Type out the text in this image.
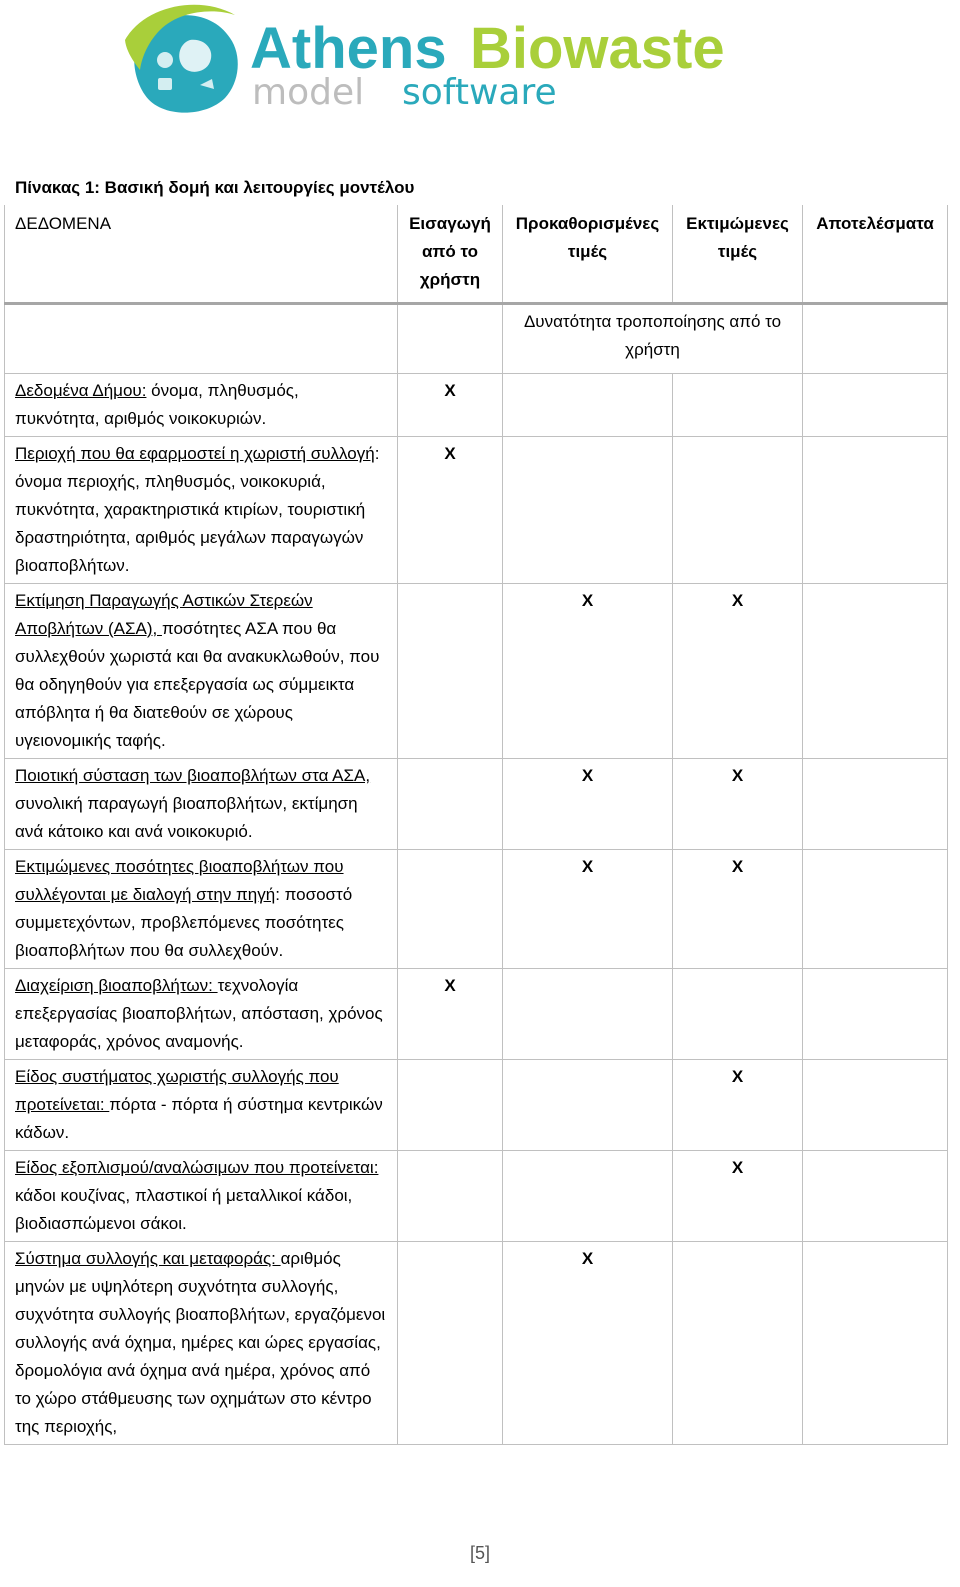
Athens Biowaste
model software
Πίνακας 1: Βασική δομή και λειτουργίες μοντέλου
ΔΕΔΟΜΕΝΑ	Εισαγωγή από το χρήστη	Προκαθορισμένες τιμές	Εκτιμώμενες τιμές	Αποτελέσματα
		Δυνατότητα τροποποίησης από το χρήστη		
Δεδομένα Δήμου: όνομα, πληθυσμός, πυκνότητα, αριθμός νοικοκυριών.	X			
Περιοχή που θα εφαρμοστεί η χωριστή συλλογή: όνομα περιοχής, πληθυσμός, νοικοκυριά, πυκνότητα, χαρακτηριστικά κτιρίων, τουριστική δραστηριότητα, αριθμός μεγάλων παραγωγών βιοαποβλήτων.	X			
Εκτίμηση Παραγωγής Αστικών Στερεών Αποβλήτων (ΑΣΑ), ποσότητες ΑΣΑ που θα συλλεχθούν χωριστά και θα ανακυκλωθούν, που θα οδηγηθούν για επεξεργασία ως σύμμεικτα απόβλητα ή θα διατεθούν σε χώρους υγειονομικής ταφής.		X	X	
Ποιοτική σύσταση των βιοαποβλήτων στα ΑΣΑ, συνολική παραγωγή βιοαποβλήτων, εκτίμηση ανά κάτοικο και ανά νοικοκυριό.		X	X	
Εκτιμώμενες ποσότητες βιοαποβλήτων που συλλέγονται με διαλογή στην πηγή: ποσοστό συμμετεχόντων, προβλεπόμενες ποσότητες βιοαποβλήτων που θα συλλεχθούν.		X	X	
Διαχείριση βιοαποβλήτων: τεχνολογία επεξεργασίας βιοαποβλήτων, απόσταση, χρόνος μεταφοράς, χρόνος αναμονής.	X			
Είδος συστήματος χωριστής συλλογής που προτείνεται: πόρτα - πόρτα ή σύστημα κεντρικών κάδων.			X	
Είδος εξοπλισμού/αναλώσιμων που προτείνεται: κάδοι κουζίνας, πλαστικοί ή μεταλλικοί κάδοι, βιοδιασπώμενοι σάκοι.			X	
Σύστημα συλλογής και μεταφοράς: αριθμός μηνών με υψηλότερη συχνότητα συλλογής, συχνότητα συλλογής βιοαποβλήτων, εργαζόμενοι συλλογής ανά όχημα, ημέρες και ώρες εργασίας, δρομολόγια ανά όχημα ανά ημέρα, χρόνος από το χώρο στάθμευσης των οχημάτων στο κέντρο της περιοχής,		X		
[5]
